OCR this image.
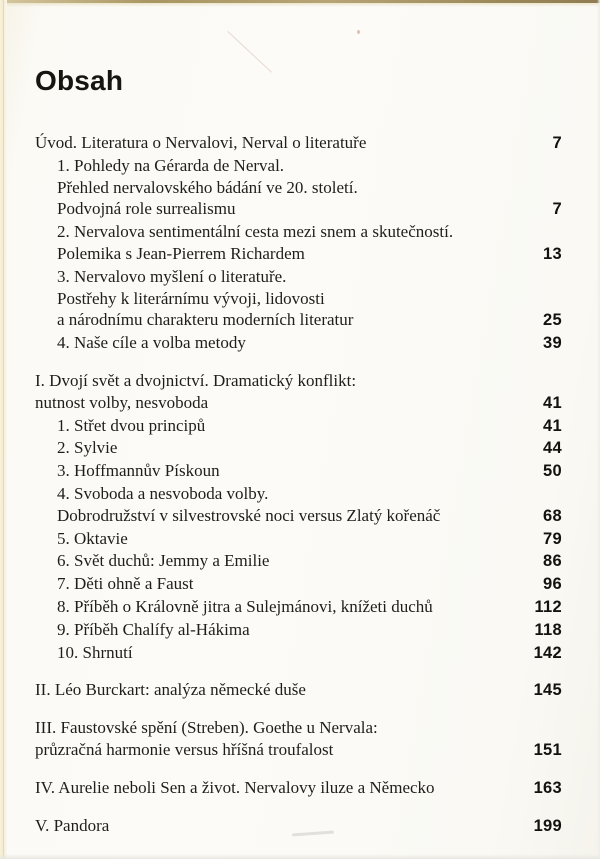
Obsah
Úvod. Literatura o Nervalovi, Nerval o literatuře	7
1. Pohledy na Gérarda de Nerval.
Přehled nervalovského bádání ve 20. století.
Podvojná role surrealismu	7
2. Nervalova sentimentální cesta mezi snem a skutečností.
Polemika s Jean-Pierrem Richardem	13
3. Nervalovo myšlení o literatuře.
Postřehy k literárnímu vývoji, lidovosti
a národnímu charakteru moderních literatur	25
4. Naše cíle a volba metody	39
I. Dvojí svět a dvojnictví. Dramatický konflikt:
nutnost volby, nesvoboda	41
1. Střet dvou principů	41
2. Sylvie	44
3. Hoffmannův Pískoun	50
4. Svoboda a nesvoboda volby.
Dobrodružství v silvestrovské noci versus Zlatý kořenáč	68
5. Oktavie	79
6. Svět duchů: Jemmy a Emilie	86
7. Děti ohně a Faust	96
8. Příběh o Královně jitra a Sulejmánovi, knížeti duchů	112
9. Příběh Chalífy al-Hákima	118
10. Shrnutí	142
II. Léo Burckart: analýza německé duše	145
III. Faustovské spění (Streben). Goethe u Nervala:
průzračná harmonie versus hříšná troufalost	151
IV. Aurelie neboli Sen a život. Nervalovy iluze a Německo	163
V. Pandora	199
